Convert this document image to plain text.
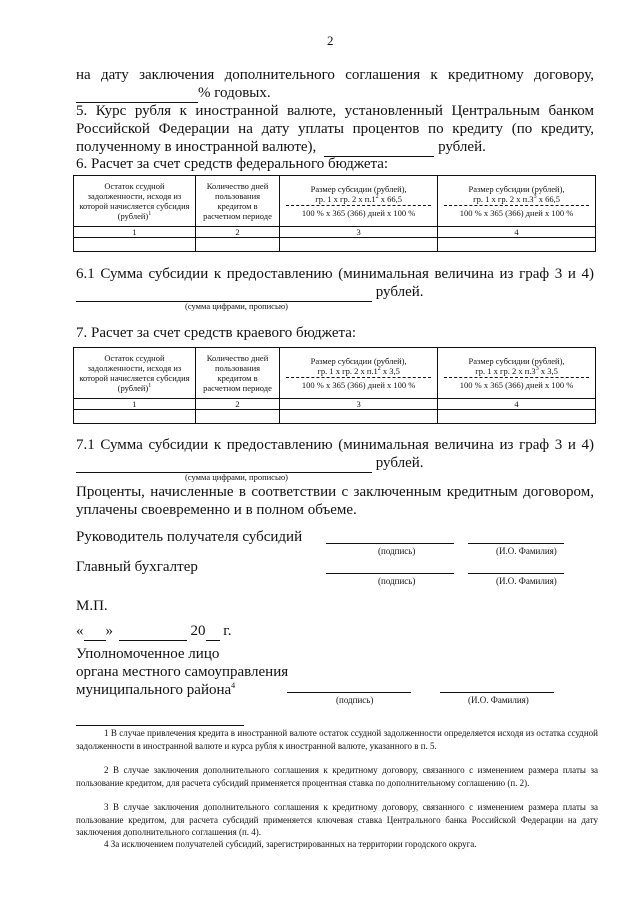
2
на дату заключения дополнительного соглашения к кредитному договору,
% годовых.
5. Курс рубля к иностранной валюте, установленный Центральным банком
Российской Федерации на дату уплаты процентов по кредиту (по кредиту,
полученному в иностранной валюте),	рублей.
6. Расчет за счет средств федерального бюджета:
Остаток ссудной задолженности, исходя из которой начисляется субсидия (рублей)$^1$	Количество дней пользования кредитом в расчетном периоде	Размер субсидии (рублей),
гр. 1 х гр. 2 х $п.1^2$ х 66,5
100 % х 365 (366) дней х 100 %	Размер субсидии (рублей),
гр. 1 х гр. 2 х $п.3^3$ х 66,5
100 % х 365 (366) дней х 100 %

1	2	3	4

6.1 Сумма субсидии к предоставлению (минимальная величина из граф 3 и 4)
рублей.
(сумма цифрами, прописью)
7. Расчет за счет средств краевого бюджета:
Остаток ссудной задолженности, исходя из которой начисляется субсидия (рублей)$^1$	Количество дней пользования кредитом в расчетном периоде	Размер субсидии (рублей),
гр. 1 х гр. 2 х $п.1^2$ х 3,5
100 % х 365 (366) дней х 100 %	Размер субсидии (рублей),
гр. 1 х гр. 2 х $п.3^3$ х 3,5
100 % х 365 (366) дней х 100 %

1	2	3	4

7.1 Сумма субсидии к предоставлению (минимальная величина из граф 3 и 4)
рублей.
(сумма цифрами, прописью)
Проценты, начисленные в соответствии с заключенным кредитным договором,
уплачены своевременно и в полном объеме.
Руководитель получателя субсидий
(подпись)	(И.О. Фамилия)
Главный бухгалтер
(подпись)	(И.О. Фамилия)
М.П.
« »	20 г.
Уполномоченное лицо
органа местного самоуправления
муниципального района$^4$
(подпись)	(И.О. Фамилия)
1 В случае привлечения кредита в иностранной валюте остаток ссудной задолженности определяется исходя из остатка ссудной задолженности в иностранной валюте и курса рубля к иностранной валюте, указанного в п. 5.
2 В случае заключения дополнительного соглашения к кредитному договору, связанного с изменением размера платы за пользование кредитом, для расчета субсидий применяется процентная ставка по дополнительному соглашению (п. 2).
3 В случае заключения дополнительного соглашения к кредитному договору, связанного с изменением размера платы за пользование кредитом, для расчета субсидий применяется ключевая ставка Центрального банка Российской Федерации на дату заключения дополнительного соглашения (п. 4).
4 За исключением получателей субсидий, зарегистрированных на территории городского округа.
